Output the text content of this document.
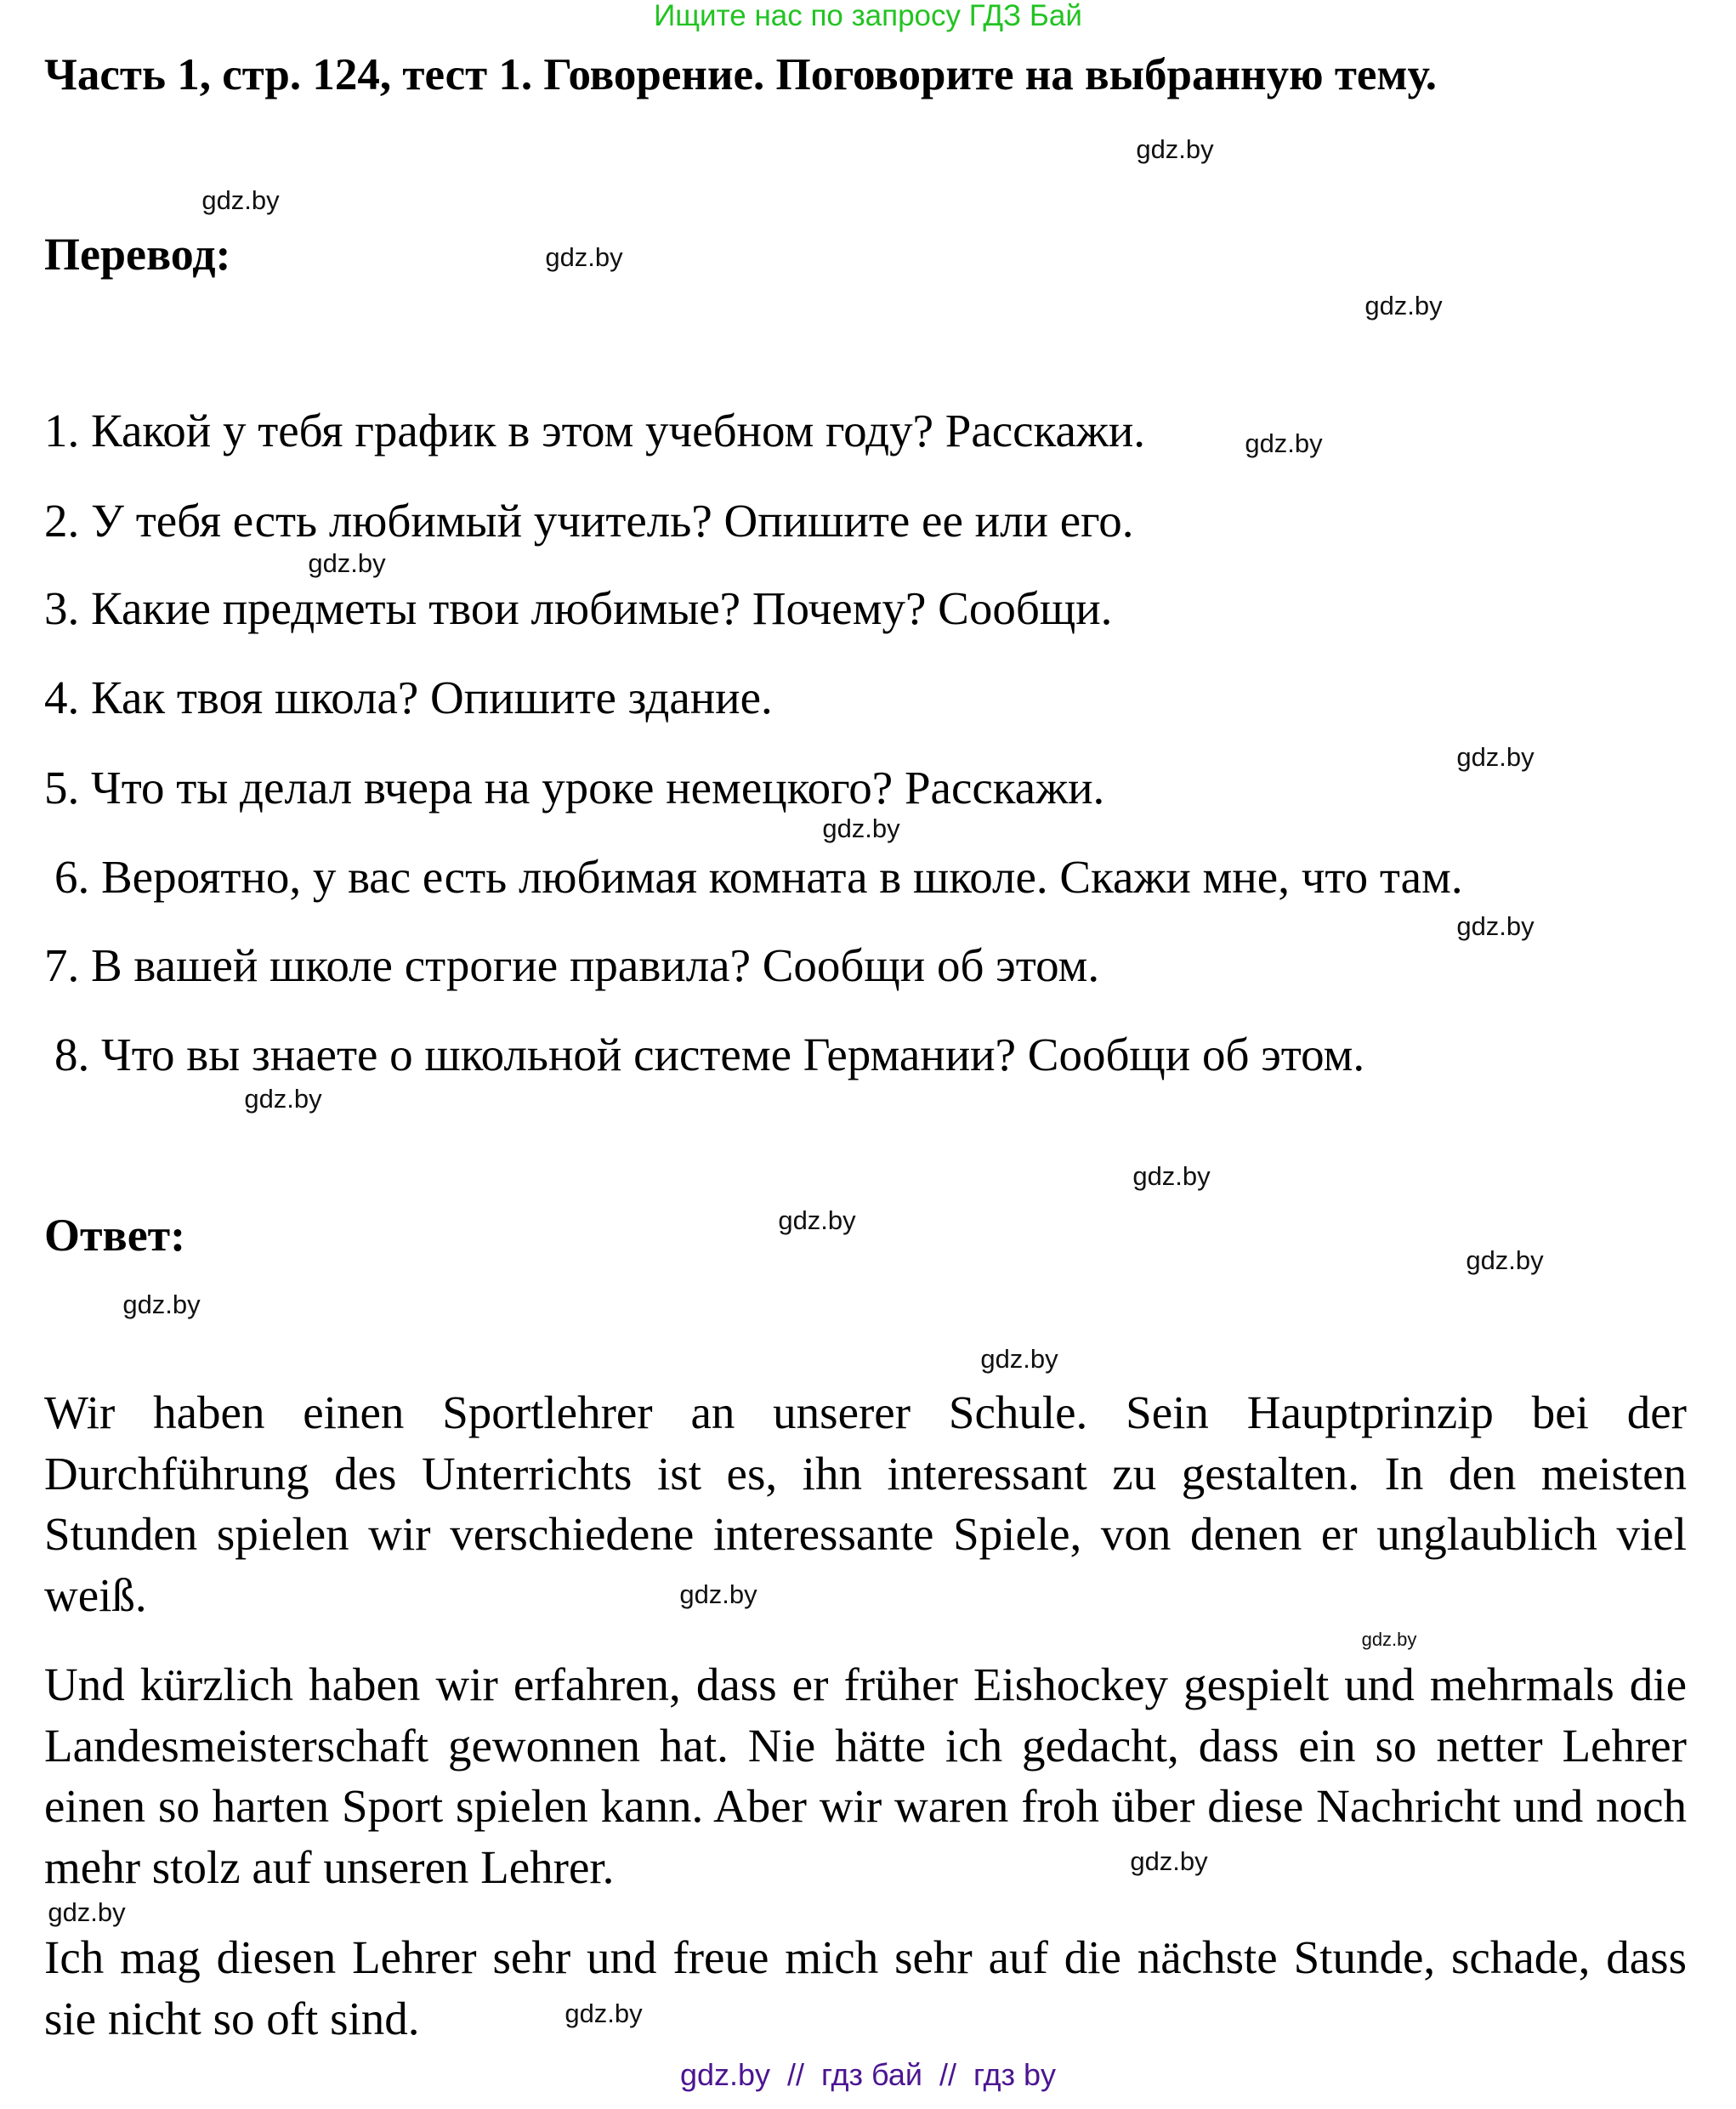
Ищите нас по запросу ГДЗ Бай
Часть 1, стр. 124, тест 1. Говорение. Поговорите на выбранную тему.
Перевод:
1. Какой у тебя график в этом учебном году? Расскажи.
2. У тебя есть любимый учитель? Опишите ее или его.
3. Какие предметы твои любимые? Почему? Сообщи.
4. Как твоя школа? Опишите здание.
5. Что ты делал вчера на уроке немецкого? Расскажи.
6. Вероятно, у вас есть любимая комната в школе. Скажи мне, что там.
7. В вашей школе строгие правила? Сообщи об этом.
8. Что вы знаете о школьной системе Германии? Сообщи об этом.
Ответ:
Wir haben einen Sportlehrer an unserer Schule. Sein Hauptprinzip bei der Durchführung des Unterrichts ist es, ihn interessant zu gestalten. In den meisten Stunden spielen wir verschiedene interessante Spiele, von denen er unglaublich viel weiß.
Und kürzlich haben wir erfahren, dass er früher Eishockey gespielt und mehrmals die Landesmeisterschaft gewonnen hat. Nie hätte ich gedacht, dass ein so netter Lehrer einen so harten Sport spielen kann. Aber wir waren froh über diese Nachricht und noch mehr stolz auf unseren Lehrer.
Ich mag diesen Lehrer sehr und freue mich sehr auf die nächste Stunde, schade, dass sie nicht so oft sind.
gdz.by
gdz.by
gdz.by
gdz.by
gdz.by
gdz.by
gdz.by
gdz.by
gdz.by
gdz.by
gdz.by
gdz.by
gdz.by
gdz.by
gdz.by
gdz.by
gdz.by
gdz.by
gdz.by
gdz.by
gdz.by  //  гдз бай  //  гдз by
